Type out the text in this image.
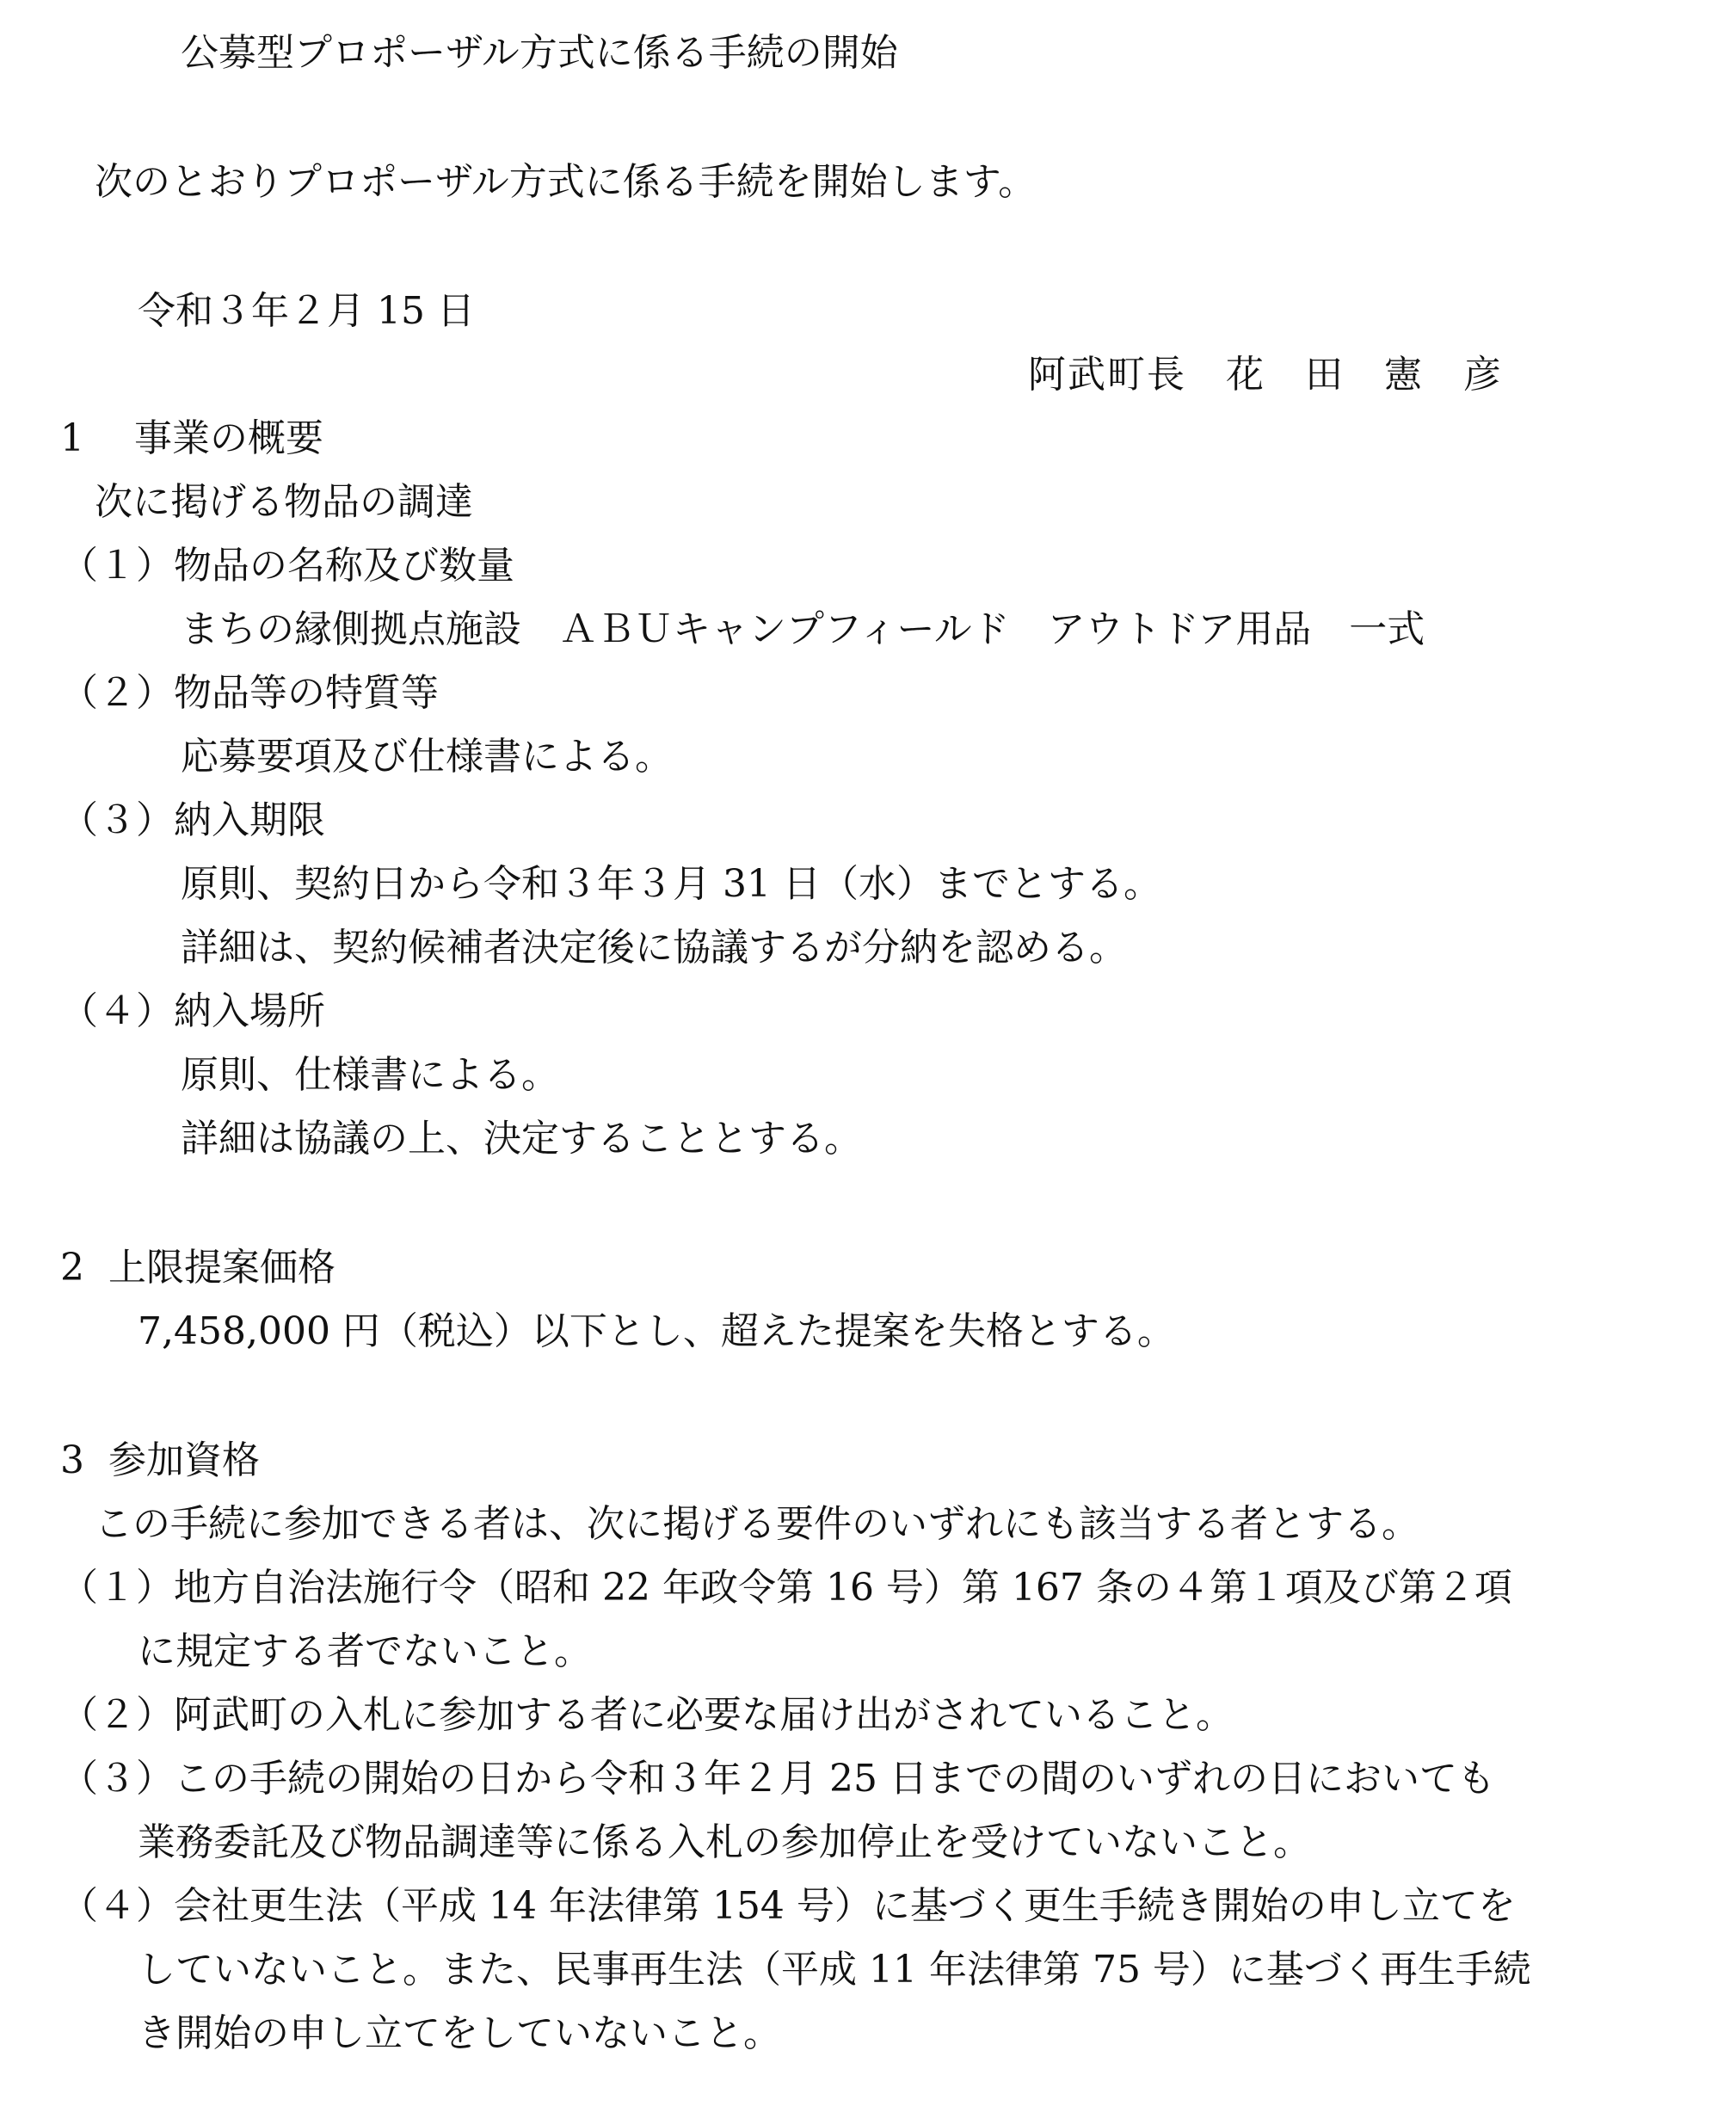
公募型プロポーザル方式に係る手続の開始

次のとおりプロポーザル方式に係る手続を開始します。

令和３年２月 15 日

阿武町長　花　田　憲　彦

1　 事業の概要

次に掲げる物品の調達

（１）物品の名称及び数量

まちの縁側拠点施設　ＡＢＵキャンプフィールド　アウトドア用品　一式

（２）物品等の特質等

応募要項及び仕様書による。

（３）納入期限

原則、契約日から令和３年３月 31 日（水）までとする。

詳細は、契約候補者決定後に協議するが分納を認める。

（４）納入場所

原則、仕様書による。

詳細は協議の上、決定することとする。

2  上限提案価格

7,458,000 円（税込）以下とし、超えた提案を失格とする。

3  参加資格

この手続に参加できる者は、次に掲げる要件のいずれにも該当する者とする。

（１）地方自治法施行令（昭和 22 年政令第 16 号）第 167 条の４第１項及び第２項

に規定する者でないこと。

（２）阿武町の入札に参加する者に必要な届け出がされていること。

（３）この手続の開始の日から令和３年２月 25 日までの間のいずれの日においても

業務委託及び物品調達等に係る入札の参加停止を受けていないこと。

（４）会社更生法（平成 14 年法律第 154 号）に基づく更生手続き開始の申し立てを

していないこと。また、民事再生法（平成 11 年法律第 75 号）に基づく再生手続

き開始の申し立てをしていないこと。
